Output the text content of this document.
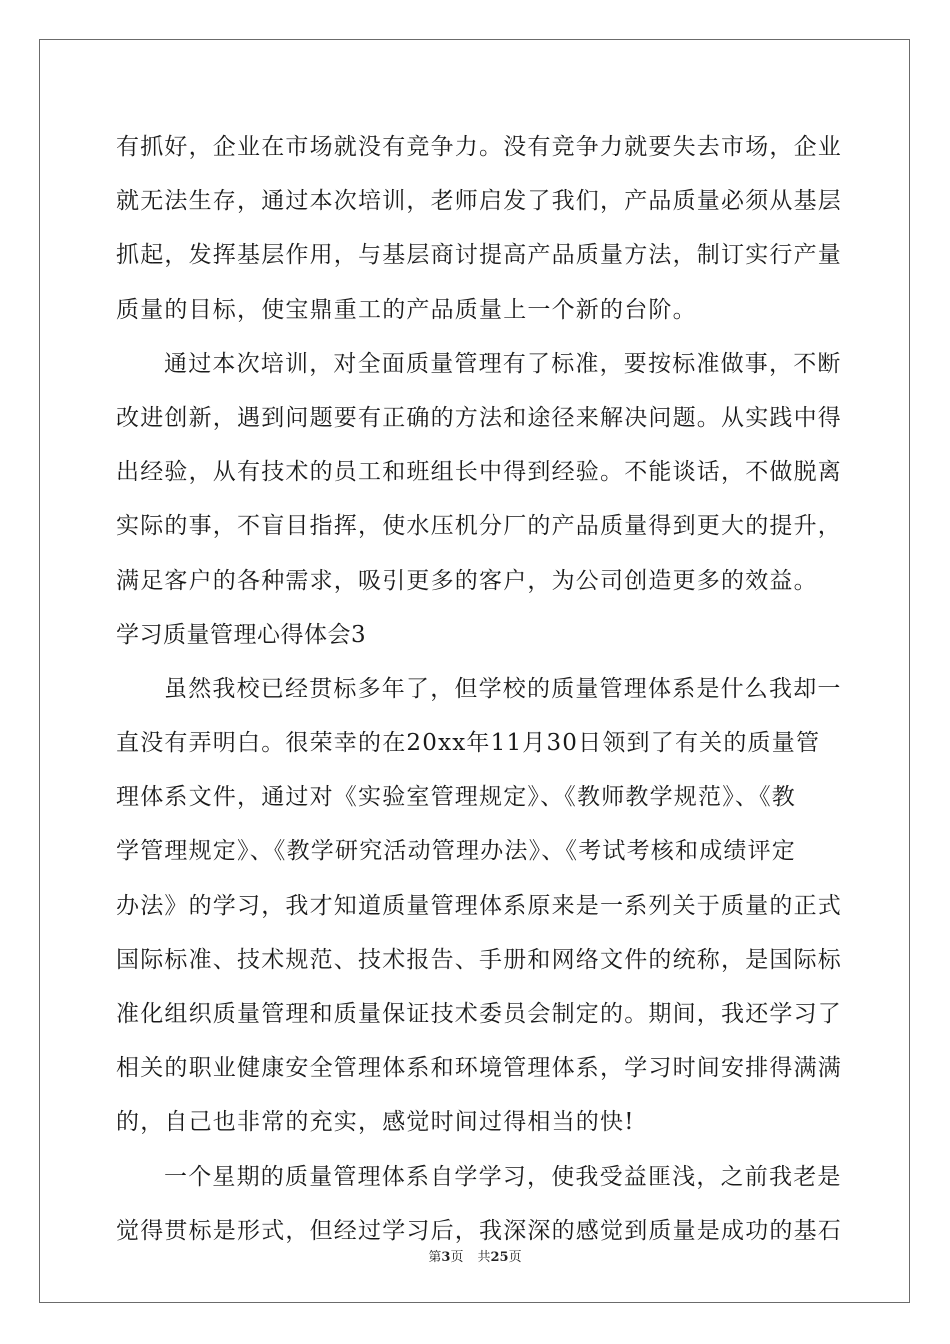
有抓好，企业在市场就没有竞争力。没有竞争力就要失去市场，企业
就无法生存，通过本次培训，老师启发了我们，产品质量必须从基层
抓起，发挥基层作用，与基层商讨提高产品质量方法，制订实行产量
质量的目标，使宝鼎重工的产品质量上一个新的台阶。
通过本次培训，对全面质量管理有了标准，要按标准做事，不断
改进创新，遇到问题要有正确的方法和途径来解决问题。从实践中得
出经验，从有技术的员工和班组长中得到经验。不能谈话，不做脱离
实际的事，不盲目指挥，使水压机分厂的产品质量得到更大的提升，
满足客户的各种需求，吸引更多的客户，为公司创造更多的效益。
学习质量管理心得体会3
虽然我校已经贯标多年了，但学校的质量管理体系是什么我却一
直没有弄明白。很荣幸的在20xx年11月30日领到了有关的质量管
理体系文件，通过对《实验室管理规定》、《教师教学规范》、《教
学管理规定》、《教学研究活动管理办法》、《考试考核和成绩评定
办法》的学习，我才知道质量管理体系原来是一系列关于质量的正式
国际标准、技术规范、技术报告、手册和网络文件的统称，是国际标
准化组织质量管理和质量保证技术委员会制定的。期间，我还学习了
相关的职业健康安全管理体系和环境管理体系，学习时间安排得满满
的，自己也非常的充实，感觉时间过得相当的快!
一个星期的质量管理体系自学学习，使我受益匪浅，之前我老是
觉得贯标是形式，但经过学习后，我深深的感觉到质量是成功的基石
第3页 共25页
